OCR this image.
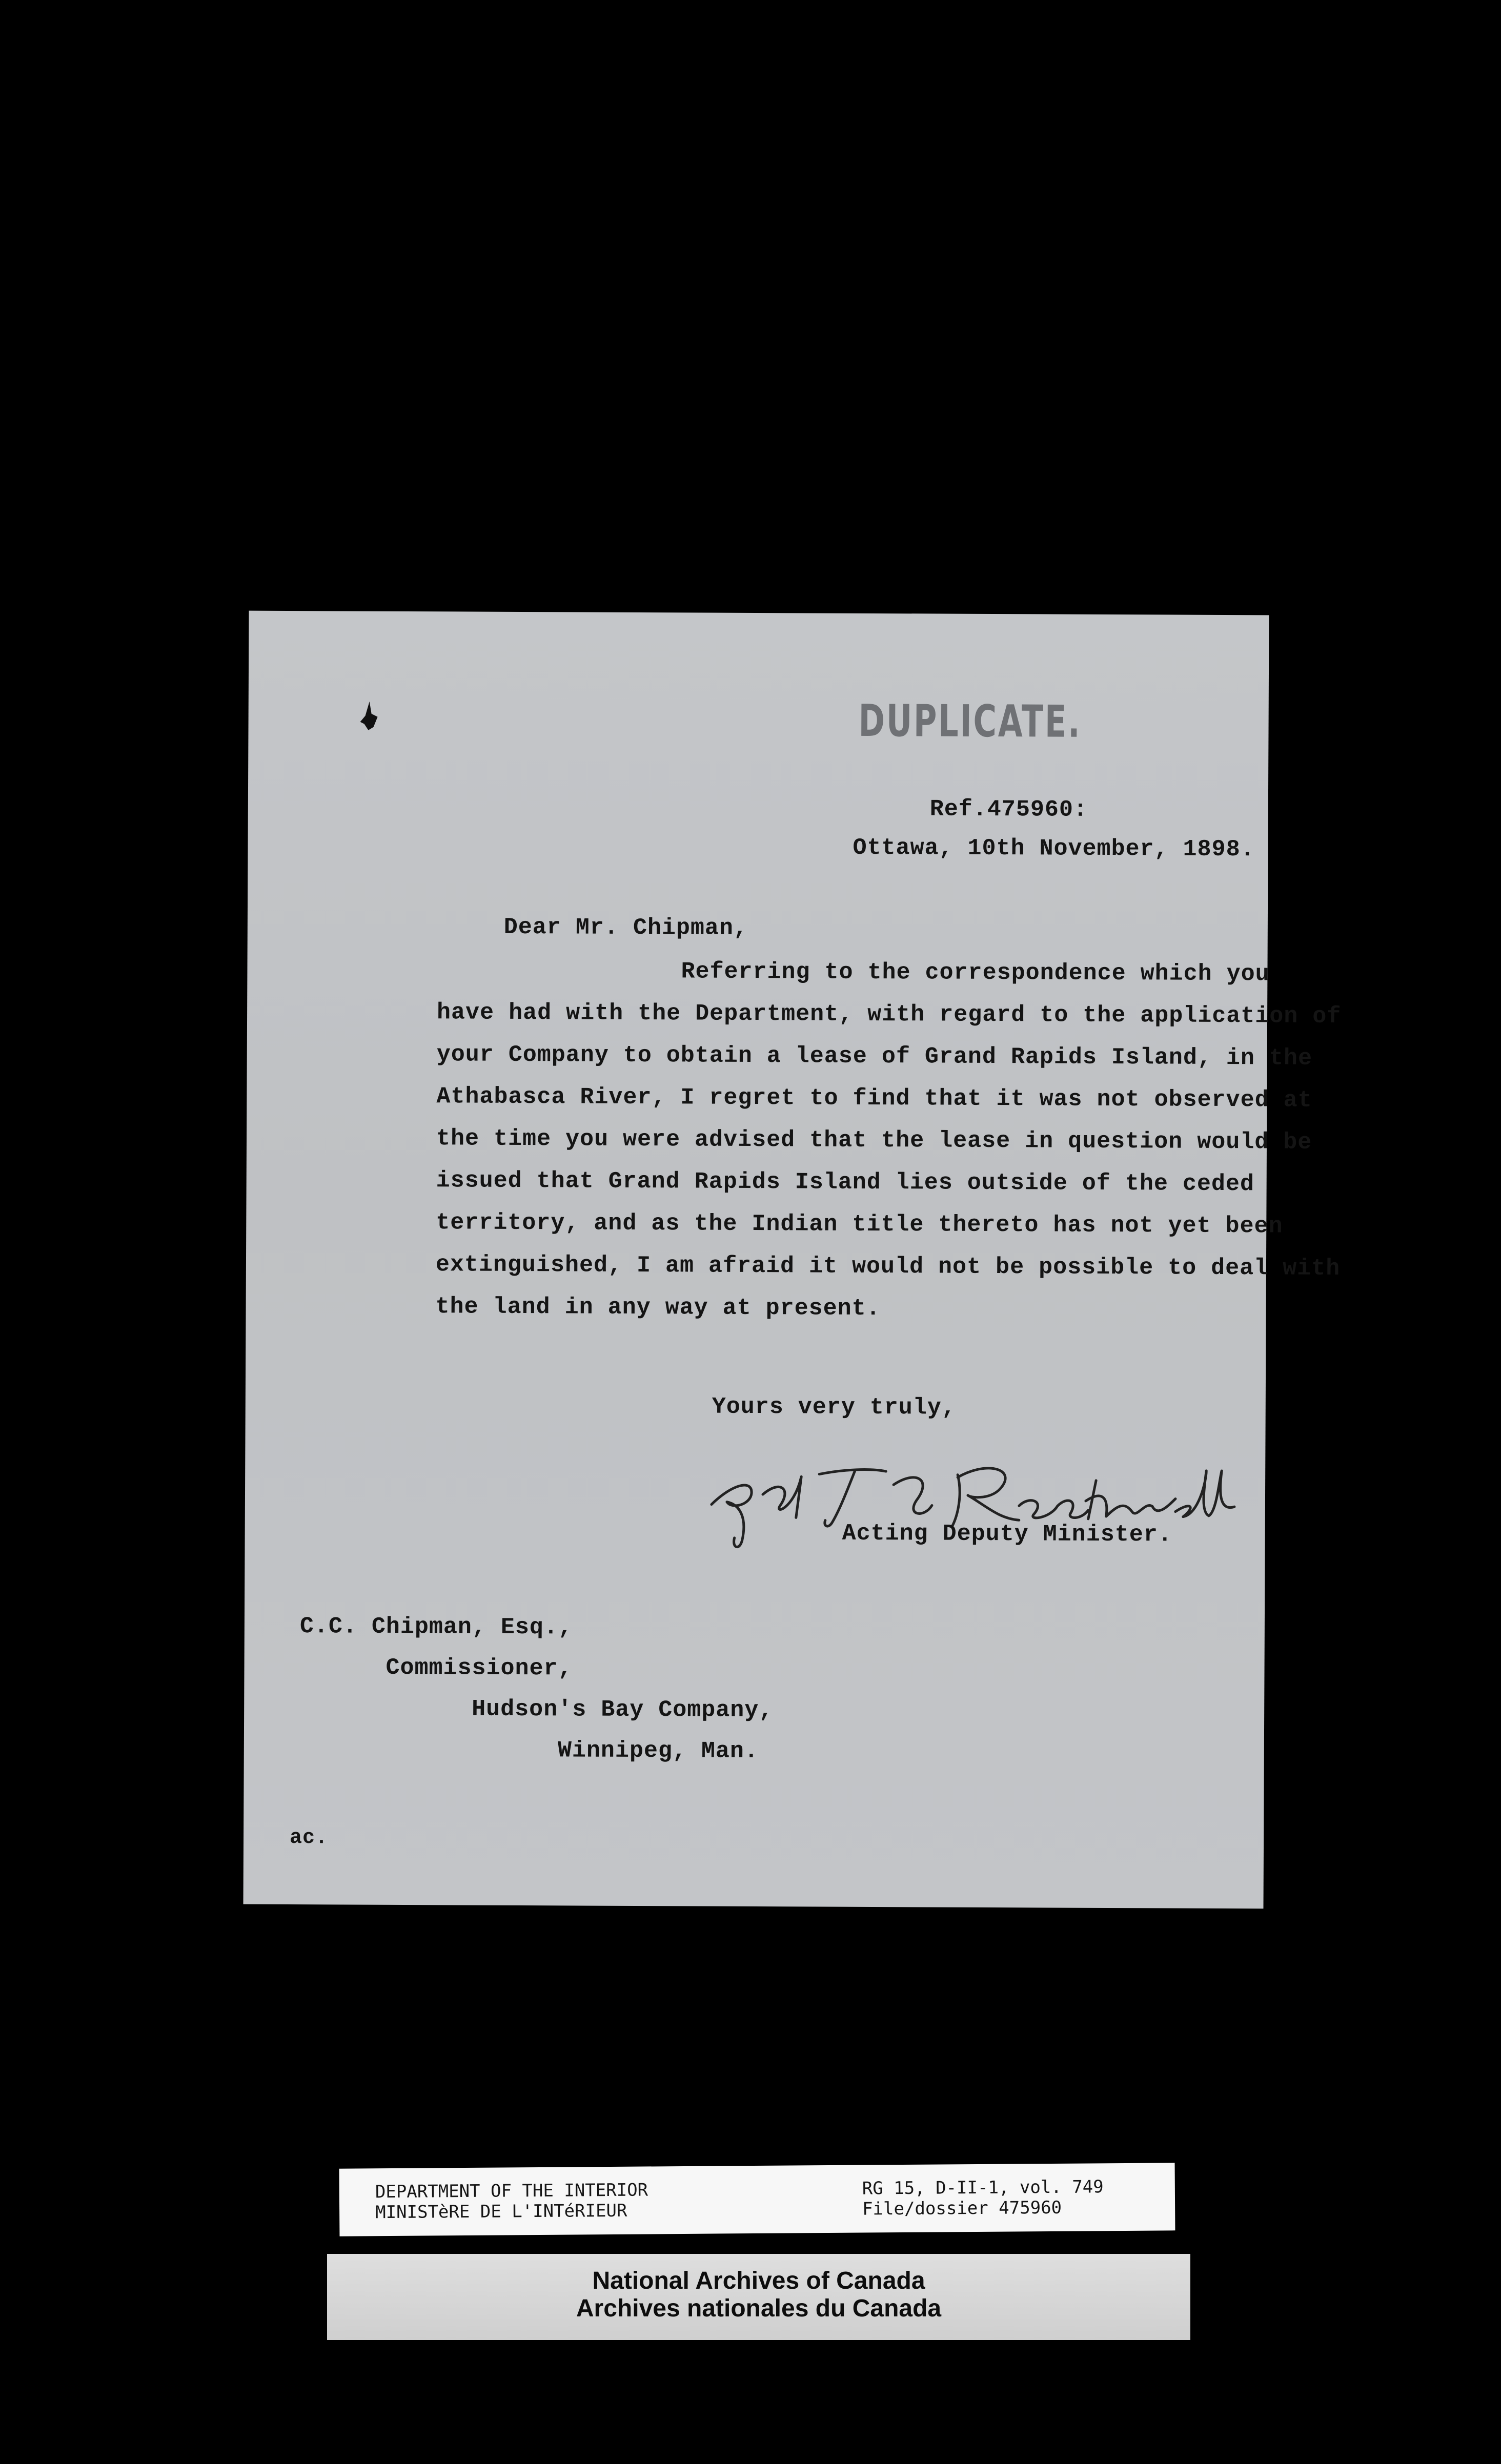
DUPLICATE.

Ref.475960:

Ottawa, 10th November, 1898.

Dear Mr. Chipman,

Referring to the correspondence which you
have had with the Department, with regard to the application of
your Company to obtain a lease of Grand Rapids Island, in the
Athabasca River, I regret to find that it was not observed at
the time you were advised that the lease in question would be
issued that Grand Rapids Island lies outside of the ceded
territory, and as the Indian title thereto has not yet been
extinguished, I am afraid it would not be possible to deal with
the land in any way at present.

Yours very truly,

Acting Deputy Minister.

C.C. Chipman, Esq.,
Commissioner,
Hudson's Bay Company,
Winnipeg, Man.

ac.

DEPARTMENT OF THE INTERIOR
MINISTèRE DE L'INTéRIEUR
RG 15, D-II-1, vol. 749
File/dossier 475960
National Archives of Canada
Archives nationales du Canada
